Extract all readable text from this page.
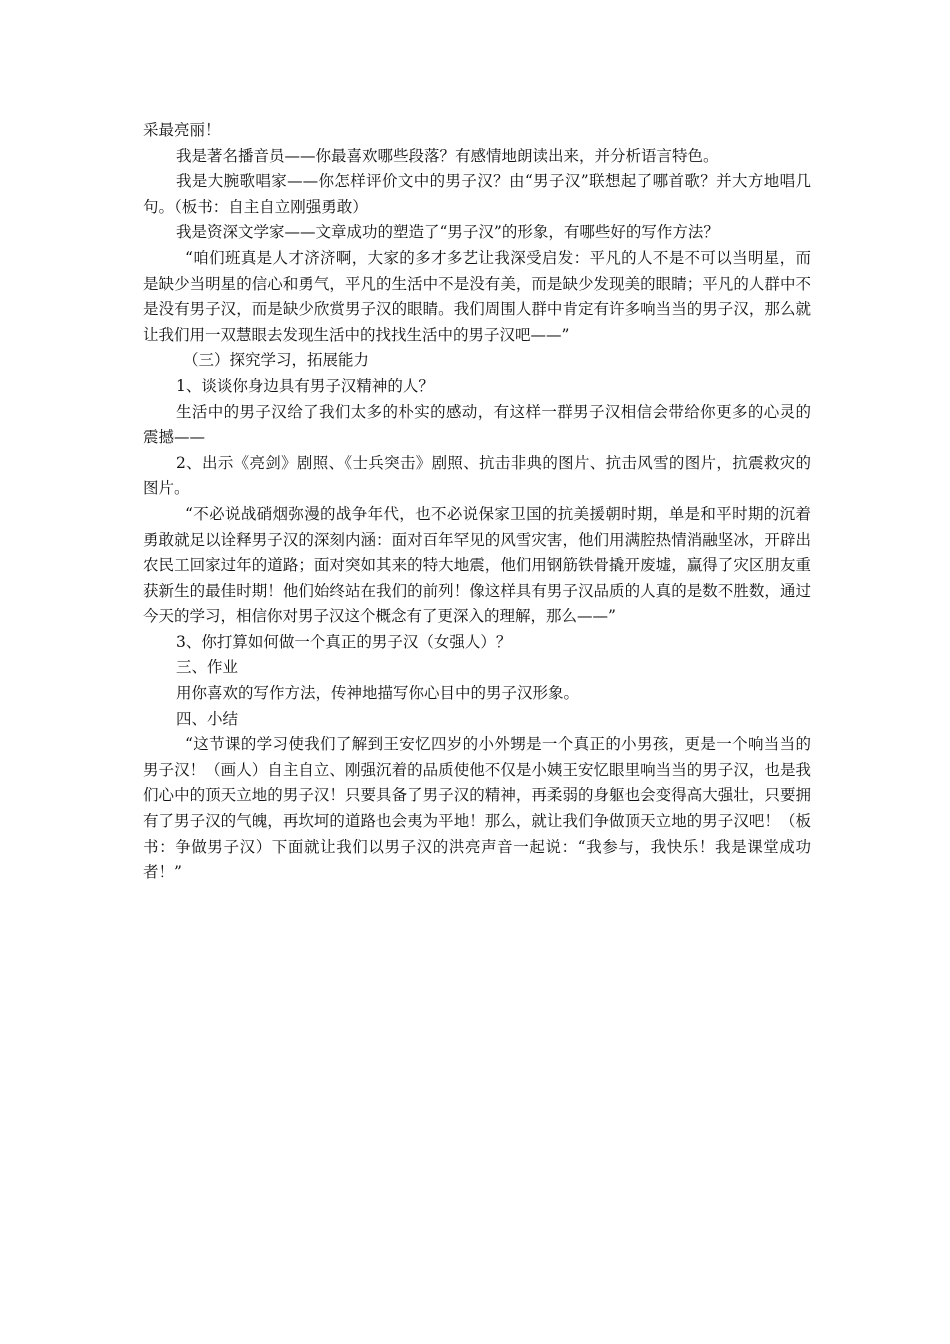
采最亮丽！

我是著名播音员——你最喜欢哪些段落？有感情地朗读出来，并分析语言特色。

我是大腕歌唱家——你怎样评价文中的男子汉？由“男子汉”联想起了哪首歌？并大方地唱几句。（板书：自主自立刚强勇敢）

我是资深文学家——文章成功的塑造了“男子汉”的形象，有哪些好的写作方法？

“咱们班真是人才济济啊，大家的多才多艺让我深受启发：平凡的人不是不可以当明星，而是缺少当明星的信心和勇气，平凡的生活中不是没有美，而是缺少发现美的眼睛；平凡的人群中不是没有男子汉，而是缺少欣赏男子汉的眼睛。我们周围人群中肯定有许多响当当的男子汉，那么就让我们用一双慧眼去发现生活中的找找生活中的男子汉吧——”

（三）探究学习，拓展能力

1、谈谈你身边具有男子汉精神的人？

生活中的男子汉给了我们太多的朴实的感动，有这样一群男子汉相信会带给你更多的心灵的震撼——

2、出示《亮剑》剧照、《士兵突击》剧照、抗击非典的图片、抗击风雪的图片，抗震救灾的图片。

“不必说战硝烟弥漫的战争年代，也不必说保家卫国的抗美援朝时期，单是和平时期的沉着勇敢就足以诠释男子汉的深刻内涵：面对百年罕见的风雪灾害，他们用满腔热情消融坚冰，开辟出农民工回家过年的道路；面对突如其来的特大地震，他们用钢筋铁骨撬开废墟，赢得了灾区朋友重获新生的最佳时期！他们始终站在我们的前列！像这样具有男子汉品质的人真的是数不胜数，通过今天的学习，相信你对男子汉这个概念有了更深入的理解，那么——”

3、你打算如何做一个真正的男子汉（女强人）？

三、作业

用你喜欢的写作方法，传神地描写你心目中的男子汉形象。

四、小结

“这节课的学习使我们了解到王安忆四岁的小外甥是一个真正的小男孩，更是一个响当当的男子汉！（画人）自主自立、刚强沉着的品质使他不仅是小姨王安忆眼里响当当的男子汉，也是我们心中的顶天立地的男子汉！只要具备了男子汉的精神，再柔弱的身躯也会变得高大强壮，只要拥有了男子汉的气魄，再坎坷的道路也会夷为平地！那么，就让我们争做顶天立地的男子汉吧！（板书：争做男子汉）下面就让我们以男子汉的洪亮声音一起说：“我参与，我快乐！我是课堂成功者！”
